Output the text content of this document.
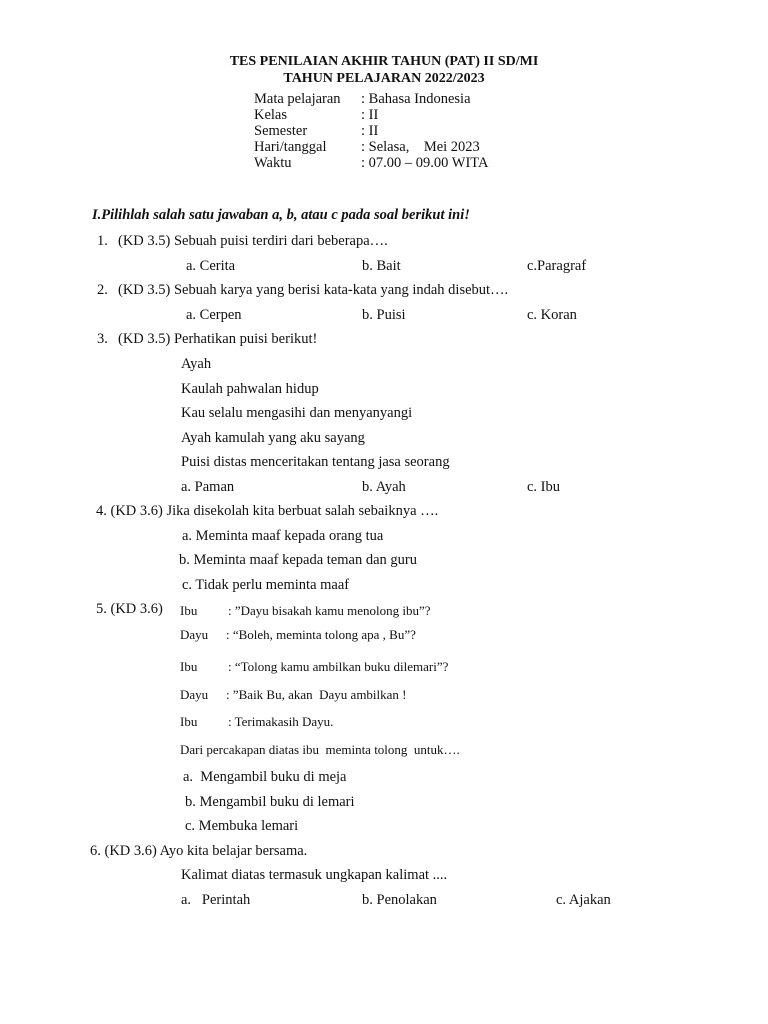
TES PENILAIAN AKHIR TAHUN (PAT) II SD/MI
TAHUN PELAJARAN 2022/2023
Mata pelajaran : Bahasa Indonesia
Kelas	: II
Semester	: II
Hari/tanggal : Selasa,    Mei 2023
Waktu	: 07.00 – 09.00 WITA
I.Pilihlah salah satu jawaban a, b, atau c pada soal berikut ini!
1. (KD 3.5) Sebuah puisi terdiri dari beberapa….
a. Cerita	b. Bait	c.Paragraf
2. (KD 3.5) Sebuah karya yang berisi kata-kata yang indah disebut….
a. Cerpen	b. Puisi	c. Koran
3. (KD 3.5) Perhatikan puisi berikut!
Ayah
Kaulah pahwalan hidup
Kau selalu mengasihi dan menyanyangi
Ayah kamulah yang aku sayang
Puisi distas menceritakan tentang jasa seorang
a. Paman	b. Ayah	c. Ibu
4. (KD 3.6) Jika disekolah kita berbuat salah sebaiknya ….
a. Meminta maaf kepada orang tua
b. Meminta maaf kepada teman dan guru
c. Tidak perlu meminta maaf
5. (KD 3.6) Ibu : ”Dayu bisakah kamu menolong ibu”?
Dayu : “Boleh, meminta tolong apa , Bu”?
Ibu : “Tolong kamu ambilkan buku dilemari”?
Dayu : ”Baik Bu, akan  Dayu ambilkan !
Ibu : Terimakasih Dayu.
Dari percakapan diatas ibu  meminta tolong  untuk….
a.  Mengambil buku di meja
b. Mengambil buku di lemari
c. Membuka lemari
6. (KD 3.6) Ayo kita belajar bersama.
Kalimat diatas termasuk ungkapan kalimat ....
a.   Perintah	b. Penolakan	c. Ajakan
